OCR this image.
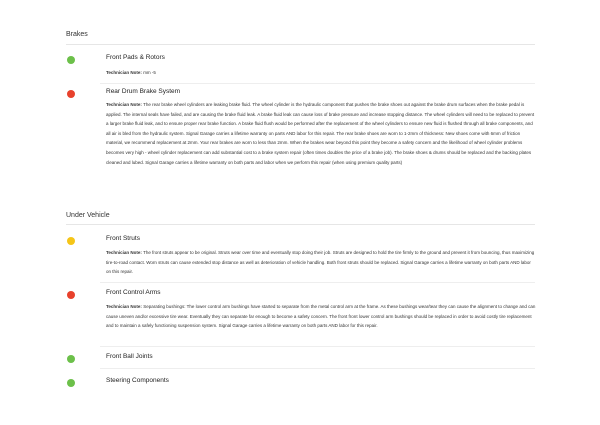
Brakes
Front Pads & Rotors
Technician Note: mm -5
Rear Drum Brake System
Technician Note: The rear brake wheel cylinders are leaking brake fluid. The wheel cylinder is the hydraulic component that pushes the brake shoes out against the brake drum surfaces when the brake pedal is applied. The internal seals have failed, and are causing the brake fluid leak. A brake fluid leak can cause loss of brake pressure and increase stopping distance. The wheel cylinders will need to be replaced to prevent a larger brake fluid leak, and to ensure proper rear brake function. A brake fluid flush would be performed after the replacement of the wheel cylinders to ensure new fluid is flushed through all brake components, and all air is bled from the hydraulic system. Signal Garage carries a lifetime warranty on parts AND labor for this repair. The rear brake shoes are worn to 1-2mm of thickness: New shoes come with 6mm of friction material, we recommend replacement at 2mm. Your rear brakes are worn to less than 2mm. When the brakes wear beyond this point they become a safety concern and the likelihood of wheel cylinder problems becomes very high - wheel cylinder replacement can add substantial cost to a brake system repair (often times doubles the price of a brake job). The brake shoes & drums should be replaced and the backing plates cleaned and lubed. Signal Garage carries a lifetime warranty on both parts and labor when we perform this repair (when using premium quality parts)
Under Vehicle
Front Struts
Technician Note: The front struts appear to be original. Struts wear over time and eventually stop doing their job. Struts are designed to hold the tire firmly to the ground and prevent it from bouncing, thus maximizing tire-to-road contact. Worn struts can cause extended stop distance as well as deterioration of vehicle handling. Both front struts should be replaced. Signal Garage carries a lifetime warranty on both parts AND labor on this repair.
Front Control Arms
Technician Note: Separating bushings: The lower control arm bushings have started to separate from the metal control arm at the frame. As these bushings wear/tear they can cause the alignment to change and can cause uneven and/or excessive tire wear. Eventually they can separate far enough to become a safety concern. The front front lower control arm bushings should be replaced in order to avoid costly tire replacement and to maintain a safely functioning suspension system. Signal Garage carries a lifetime warranty on both parts AND labor for this repair.
Front Ball Joints
Steering Components
